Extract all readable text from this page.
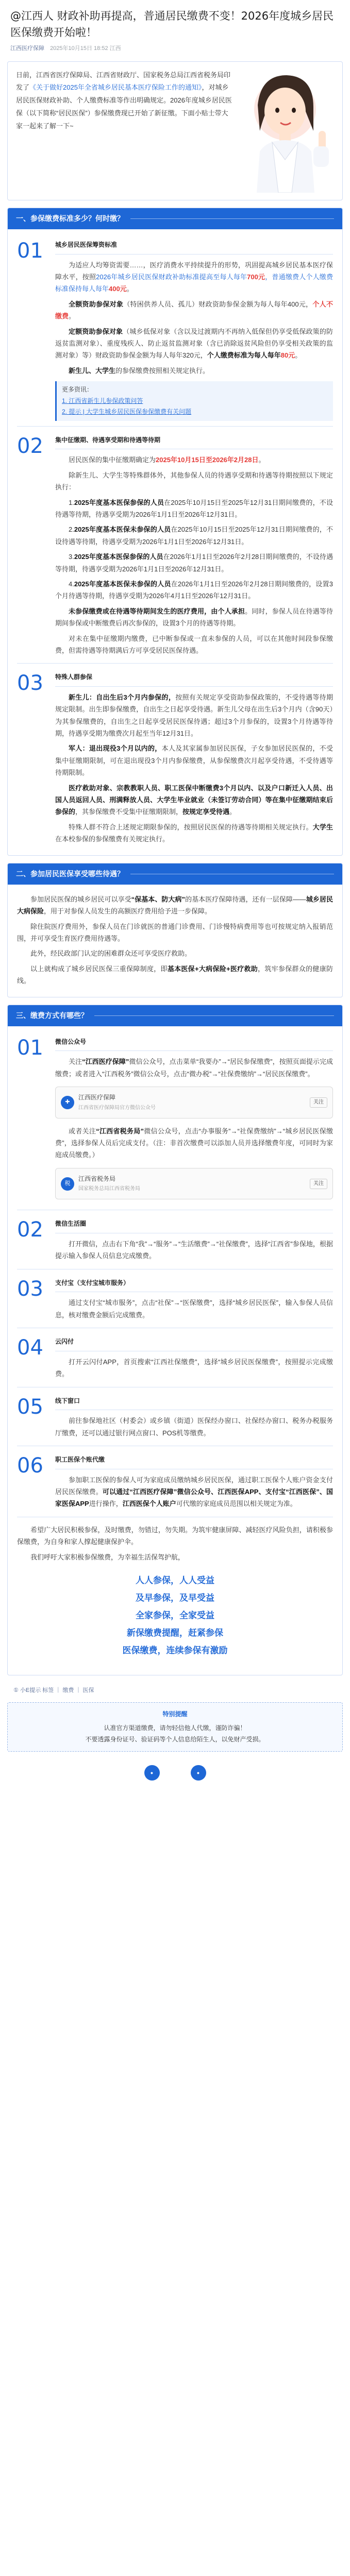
@江西人 财政补助再提高，普通居民缴费不变！2026年度城乡居民医保缴费开始啦！
江西医疗保障 2025年10月15日 18:52 江西
日前，江西省医疗保障局、江西省财政厅、国家税务总局江西省税务局印发了《关于做好2025年全省城乡居民基本医疗保险工作的通知》，对城乡居民医保财政补助、个人缴费标准等作出明确规定。2026年度城乡居民医保（以下简称“居民医保”）参保缴费现已开始了新征缴。下面小贴士带大家一起来了解一下~
一、参保缴费标准多少？何时缴？
01	城乡居民医保筹资标准
为适应人均筹资需要……，医疗消费水平持续提升的形势，巩固提高城乡居民基本医疗保障水平，按照2026年城乡居民医保财政补助标准提高至每人每年700元，普通缴费人个人缴费标准保持每人每年400元。
全额资助参保对象（特困供养人员、孤儿）财政资助参保金额为每人每年400元，个人不缴费。
定额资助参保对象（城乡低保对象（含以及过渡期内不再纳入低保但仍享受低保政策的防返贫监测对象）、重度残疾人、防止返贫监测对象（含已消除返贫风险但仍享受相关政策的监测对象）等）财政资助参保金额为每人每年320元，个人缴费标准为每人每年80元。
新生儿、大学生的参保缴费按照相关规定执行。
更多资讯：
1. 江西省新生儿参保政策问答
2. 提示 | 大学生城乡居民医保参保缴费有关问题
02	集中征缴期、待遇享受期和待遇等待期
居民医保的集中征缴期确定为2025年10月15日至2026年2月28日。
除新生儿、大学生等特殊群体外，其他参保人员的待遇享受期和待遇等待期按照以下规定执行：
1.2025年度基本医保参保的人员在2025年10月15日至2025年12月31日期间缴费的，不设待遇等待期，待遇享受期为2026年1月1日至2026年12月31日。
2.2025年度基本医保未参保的人员在2025年10月15日至2025年12月31日期间缴费的，不设待遇等待期，待遇享受期为2026年1月1日至2026年12月31日。
3.2025年度基本医保参保的人员在2026年1月1日至2026年2月28日期间缴费的，不设待遇等待期，待遇享受期为2026年1月1日至2026年12月31日。
4.2025年度基本医保未参保的人员在2026年1月1日至2026年2月28日期间缴费的，设置3个月待遇等待期，待遇享受期为2026年4月1日至2026年12月31日。
未参保缴费或在待遇等待期间发生的医疗费用，由个人承担。同时，参保人员在待遇等待期间参保或中断缴费后再次参保的，设置3个月的待遇等待期。
对未在集中征缴期内缴费，已中断参保或一直未参保的人员，可以在其他时间段参保缴费，但需待遇等待期满后方可享受居民医保待遇。
03	特殊人群参保
新生儿：自出生后3个月内参保的，按照有关规定享受资助参保政策的，不受待遇等待期规定限制。出生即参保缴费，自出生之日起享受待遇。新生儿父母在出生后3个月内（含90天）为其参保缴费的，自出生之日起享受居民医保待遇；超过3个月参保的，设置3个月待遇等待期，待遇享受期为缴费次月起至当年12月31日。
军人：退出现役3个月以内的，本人及其家属参加居民医保，子女参加居民医保的，不受集中征缴期限制，可在退出现役3个月内参保缴费，从参保缴费次月起享受待遇，不受待遇等待期限制。
医疗救助对象、宗教教职人员、职工医保中断缴费3个月以内、以及户口新迁入人员、出国人员返回人员、刑满释放人员、大学生毕业就业（未签订劳动合同）等在集中征缴期结束后参保的，其参保缴费不受集中征缴期限制，按规定享受待遇。
特殊人群不符合上述规定期限参保的，按照居民医保的待遇等待期相关规定执行。大学生在本校参保的参保缴费有关规定执行。
二、参加居民医保享受哪些待遇？
参加居民医保的城乡居民可以享受“保基本、防大病”的基本医疗保障待遇，还有一层保障——城乡居民大病保险，用于对参保人员发生的高额医疗费用给予进一步保障。
除住院医疗费用外，参保人员在门诊就医的普通门诊费用、门诊慢特病费用等也可按规定纳入报销范围，并可享受生育医疗费用待遇等。
此外，经民政部门认定的困难群众还可享受医疗救助。
以上就构成了城乡居民医保三重保障制度，即基本医保+大病保险+医疗救助，筑牢参保群众的健康防线。
三、缴费方式有哪些？
01	微信公众号
关注“江西医疗保障”微信公众号，点击菜单“我要办”→“居民参保缴费”，按照页面提示完成缴费；或者进入“江西税务”微信公众号，点击“微办税”→“社保费缴纳”→“居民医保缴费”。
✚
江西医疗保障
江西省医疗保障局官方微信公众号
关注
或者关注“江西省税务局”微信公众号，点击“办事服务”→“社保费缴纳”→“城乡居民医保缴费”，选择参保人员后完成支付。（注：非首次缴费可以添加人员并选择缴费年度，可同时为家庭成员缴费。）
税
江西省税务局
国家税务总局江西省税务局
关注
02	微信生活圈
打开微信，点击右下角“我”→“服务”→“生活缴费”→“社保缴费”，选择“江西省”参保地，根据提示输入参保人员信息完成缴费。
03	支付宝（支付宝城市服务）
通过支付宝“城市服务”，点击“社保”→“医保缴费”，选择“城乡居民医保”，输入参保人员信息，核对缴费金额后完成缴费。
04	云闪付
打开云闪付APP，首页搜索“江西社保缴费”，选择“城乡居民医保缴费”，按照提示完成缴费。
05	线下窗口
前往参保地社区（村委会）或乡镇（街道）医保经办窗口、社保经办窗口、税务办税服务厅缴费，还可以通过银行网点窗口、POS机等缴费。
06	职工医保个账代缴
参加职工医保的参保人可为家庭成员缴纳城乡居民医保，通过职工医保个人账户资金支付居民医保缴费。可以通过“江西医疗保障”微信公众号、江西医保APP、支付宝“江西医保”、国家医保APP进行操作，江西医保个人账户可代缴的家庭成员范围以相关规定为准。
希望广大居民积极参保，及时缴费，勿错过，勿失期。为筑牢健康屏障、减轻医疗风险负担，请积极参保缴费，为自身和家人撑起健康保护伞。
我们呼吁大家积极参保缴费，为幸福生活保驾护航，
人人参保，人人受益
及早参保，及早受益
全家参保，全家受益
新保缴费提醒，赶紧参保
医保缴费，连续参保有激励
① 小E提示 标签 ｜ 缴费 ｜ 医保
特别提醒
认准官方渠道缴费，请勿轻信他人代缴，谨防诈骗！
不要透露身份证号、验证码等个人信息给陌生人，以免财产受损。
•	•
